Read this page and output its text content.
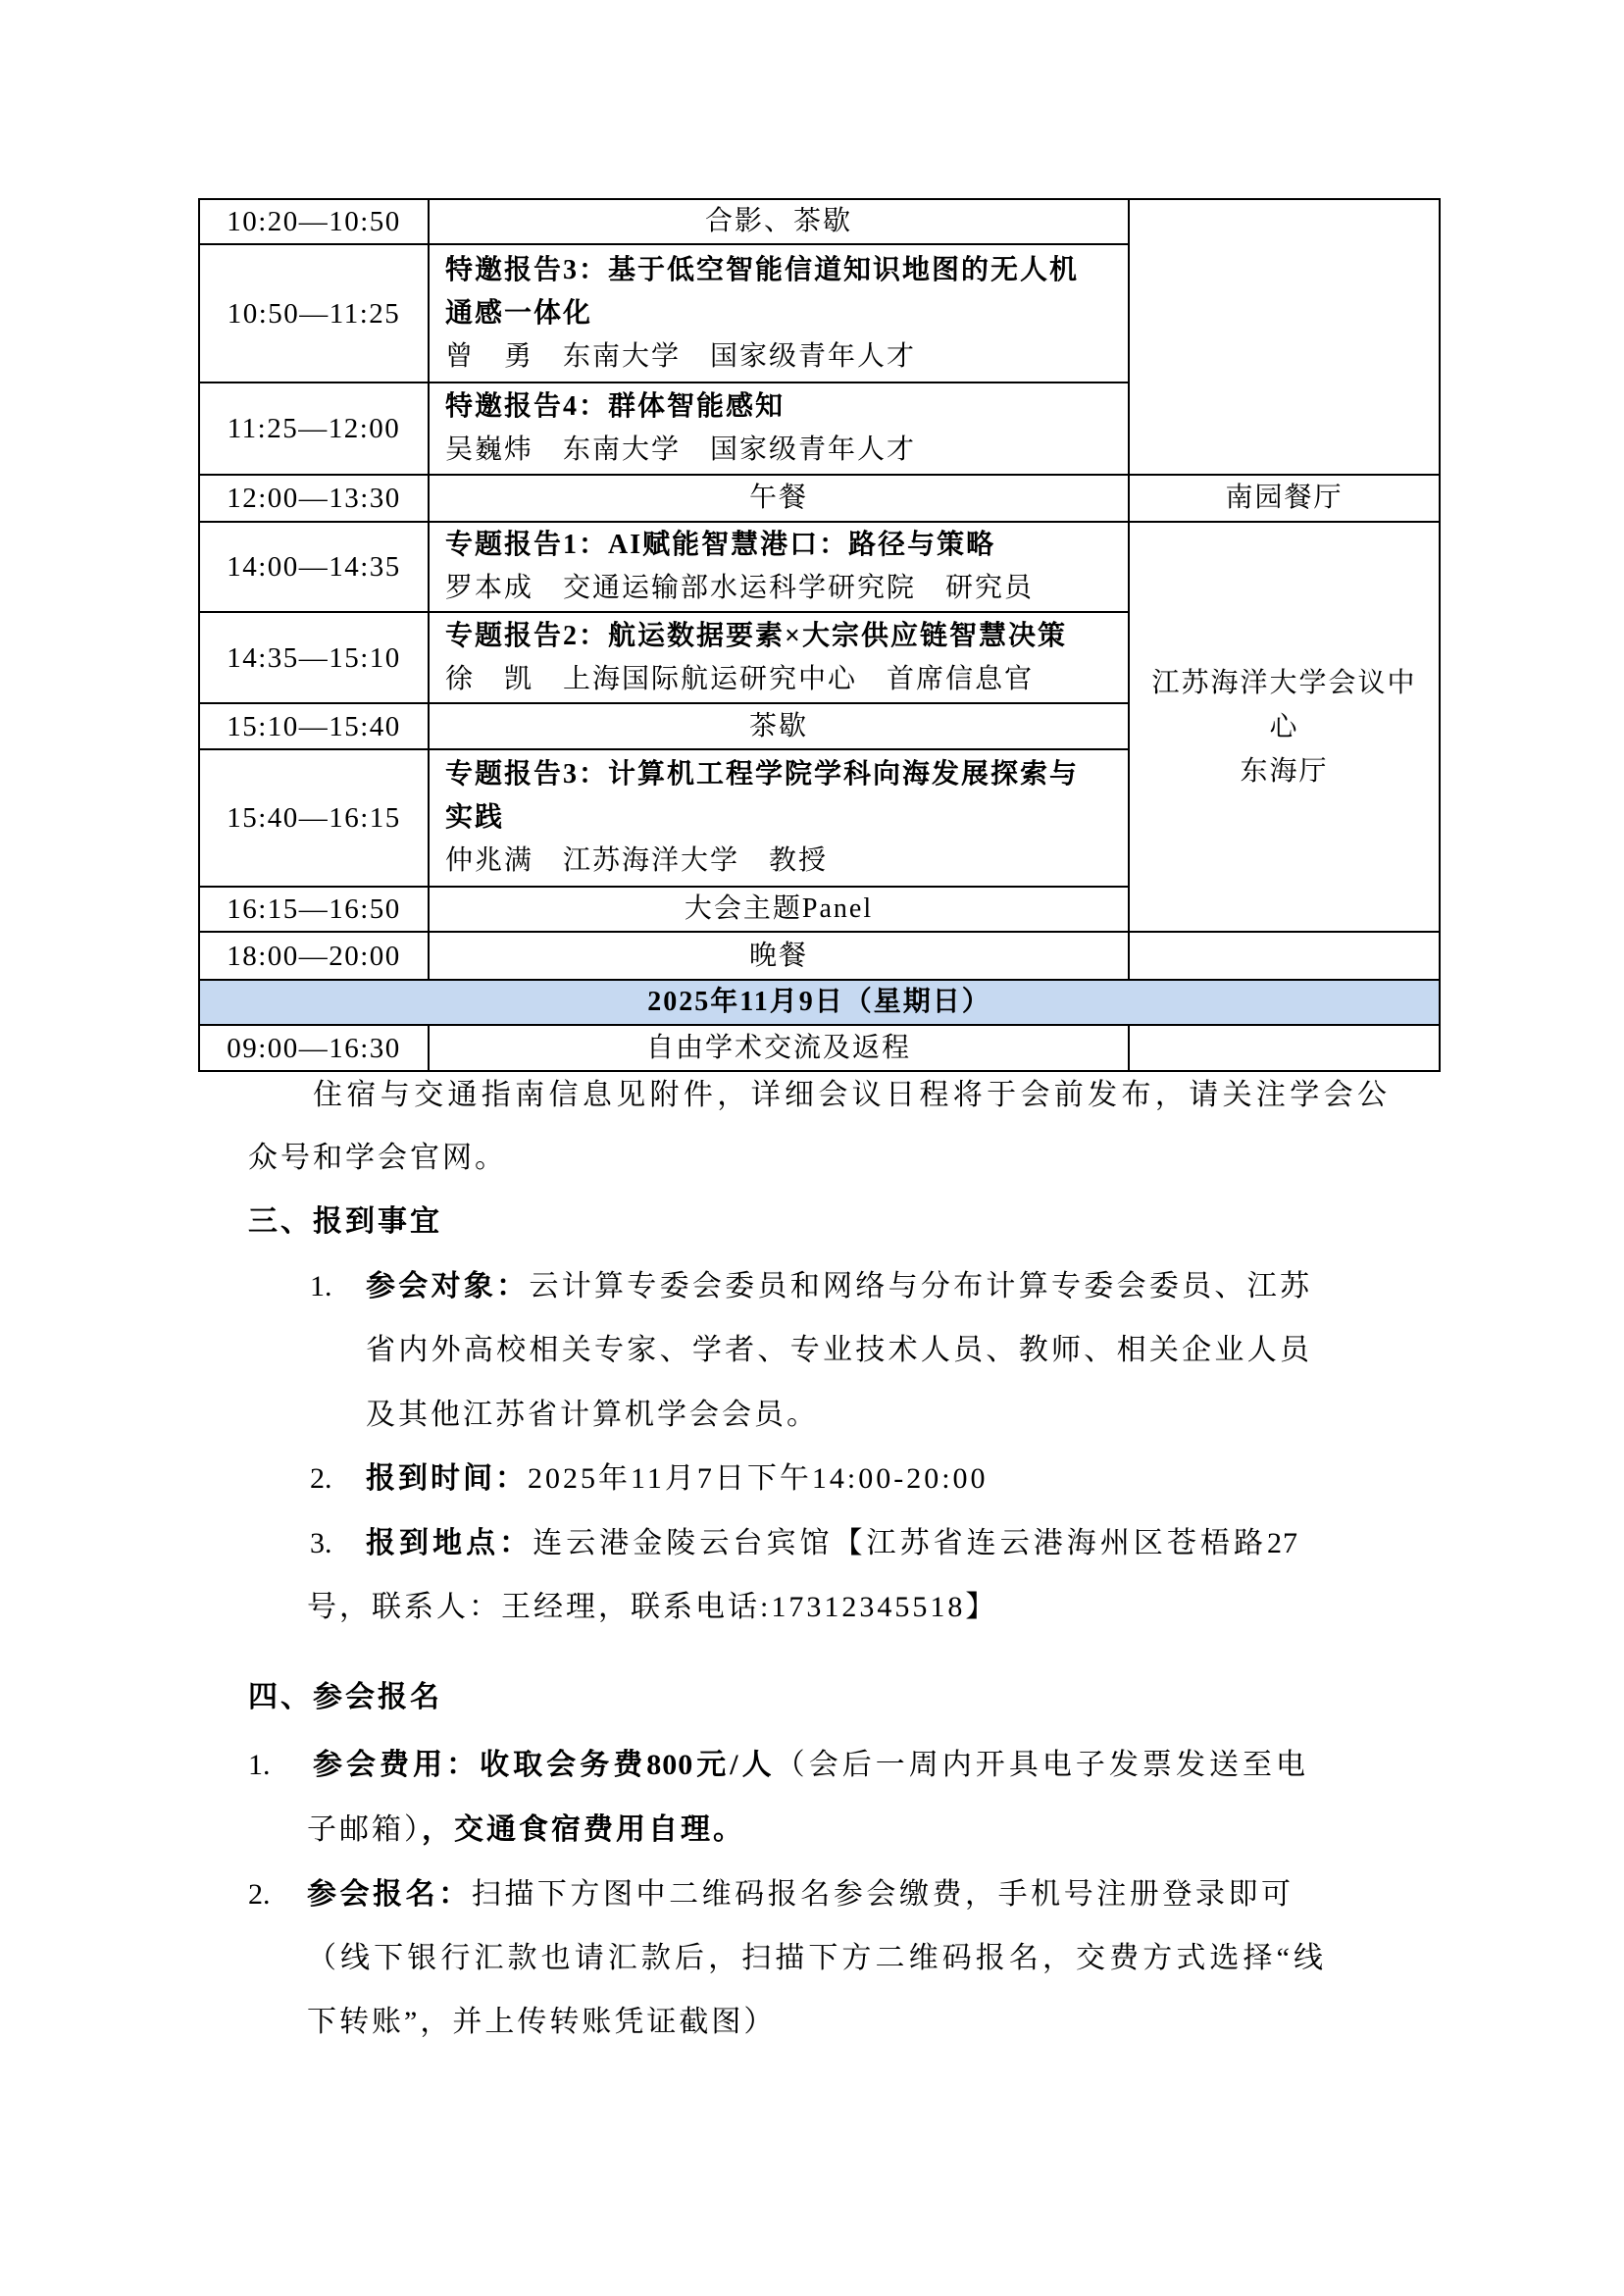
10:20—10:50	合影、茶歇	
10:50—11:25	特邀报告3：基于低空智能信道知识地图的无人机
通感一体化
曾　勇　东南大学　国家级青年人才	

11:25—12:00	特邀报告4：群体智能感知
吴巍炜　东南大学　国家级青年人才	

12:00—13:30	午餐	南园餐厅
14:00—14:35	专题报告1：AI赋能智慧港口：路径与策略
罗本成　交通运输部水运科学研究院　研究员	江苏海洋大学会议中心
东海厅

14:35—15:10	专题报告2：航运数据要素×大宗供应链智慧决策
徐　凯　上海国际航运研究中心　首席信息官	

15:10—15:40	茶歇	
15:40—16:15	专题报告3：计算机工程学院学科向海发展探索与
实践
仲兆满　江苏海洋大学　教授	

16:15—16:50	大会主题Panel	
18:00—20:00	晚餐	
2025年11月9日（星期日）		
09:00—16:30	自由学术交流及返程	
住宿与交通指南信息见附件，详细会议日程将于会前发布，请关注学会公
众号和学会官网。
三、报到事宜
1. 参会对象：云计算专委会委员和网络与分布计算专委会委员、江苏
省内外高校相关专家、学者、专业技术人员、教师、相关企业人员
及其他江苏省计算机学会会员。
2. 报到时间：2025年11月7日下午14:00-20:00
3. 报到地点：连云港金陵云台宾馆【江苏省连云港海州区苍梧路27
号，联系人：王经理，联系电话:17312345518】
四、参会报名
1. 参会费用：收取会务费800元/人（会后一周内开具电子发票发送至电
子邮箱），交通食宿费用自理。
2. 参会报名：扫描下方图中二维码报名参会缴费，手机号注册登录即可
（线下银行汇款也请汇款后，扫描下方二维码报名，交费方式选择“线
下转账”，并上传转账凭证截图）
